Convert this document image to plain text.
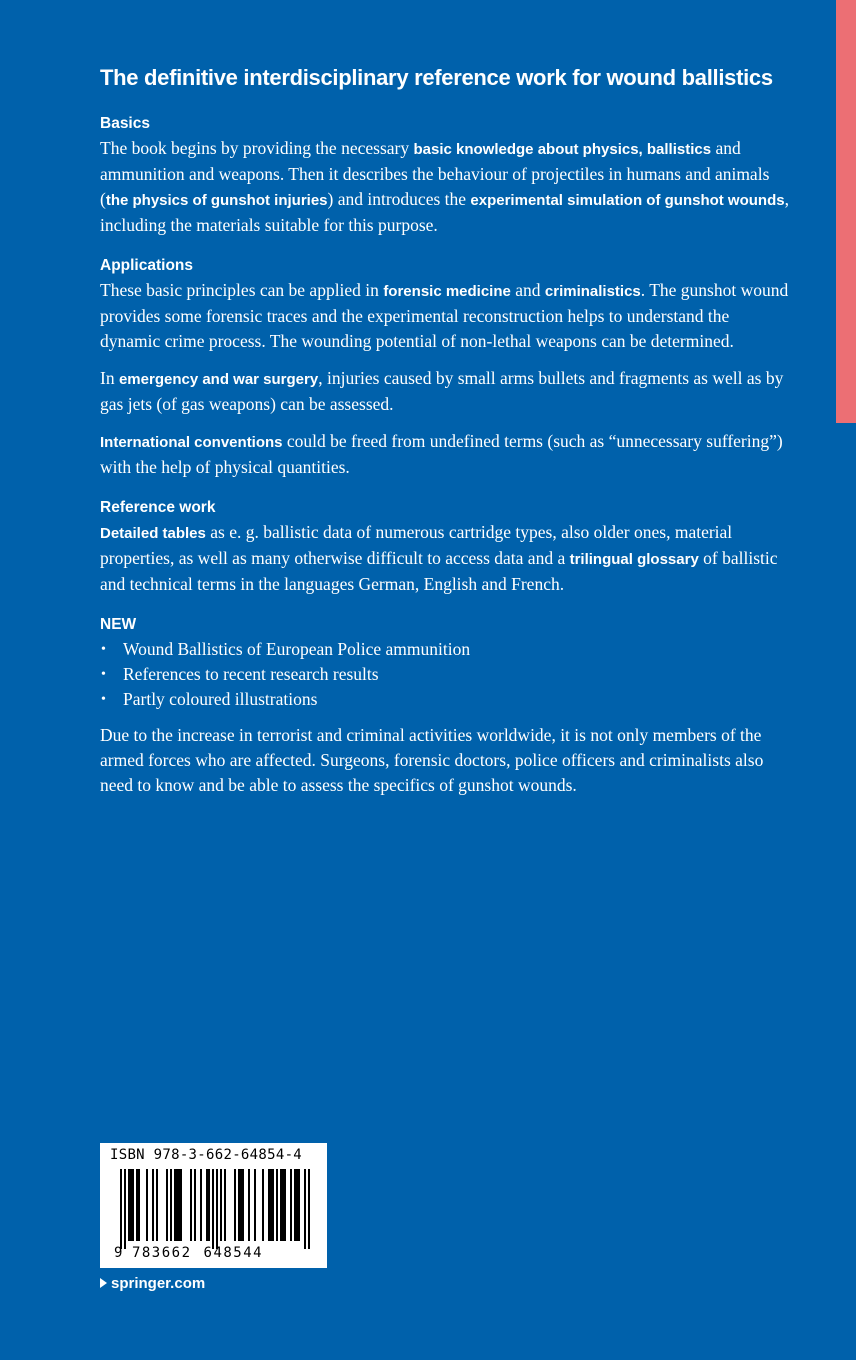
The definitive interdisciplinary reference work for wound ballistics
Basics

The book begins by providing the necessary basic knowledge about physics, ballistics and ammunition and weapons. Then it describes the behaviour of projectiles in humans and animals (the physics of gunshot injuries) and introduces the experimental simulation of gunshot wounds, including the materials suitable for this purpose.

Applications

These basic principles can be applied in forensic medicine and criminalistics. The gunshot wound provides some forensic traces and the experimental reconstruction helps to understand the dynamic crime process. The wounding potential of non-lethal weapons can be determined.

In emergency and war surgery, injuries caused by small arms bullets and fragments as well as by gas jets (of gas weapons) can be assessed.

International conventions could be freed from undefined terms (such as “unnecessary suffering”) with the help of physical quantities.

Reference work

Detailed tables as e. g. ballistic data of numerous cartridge types, also older ones, material properties, as well as many otherwise difficult to access data and a trilingual glossary of ballistic and technical terms in the languages German, English and French.

NEW
• Wound Ballistics of European Police ammunition
• References to recent research results
• Partly coloured illustrations

Due to the increase in terrorist and criminal activities worldwide, it is not only members of the armed forces who are affected. Surgeons, forensic doctors, police officers and criminalists also need to know and be able to assess the specifics of gunshot wounds.

ISBN 978-3-662-64854-4
9 783662 648544
springer.com
